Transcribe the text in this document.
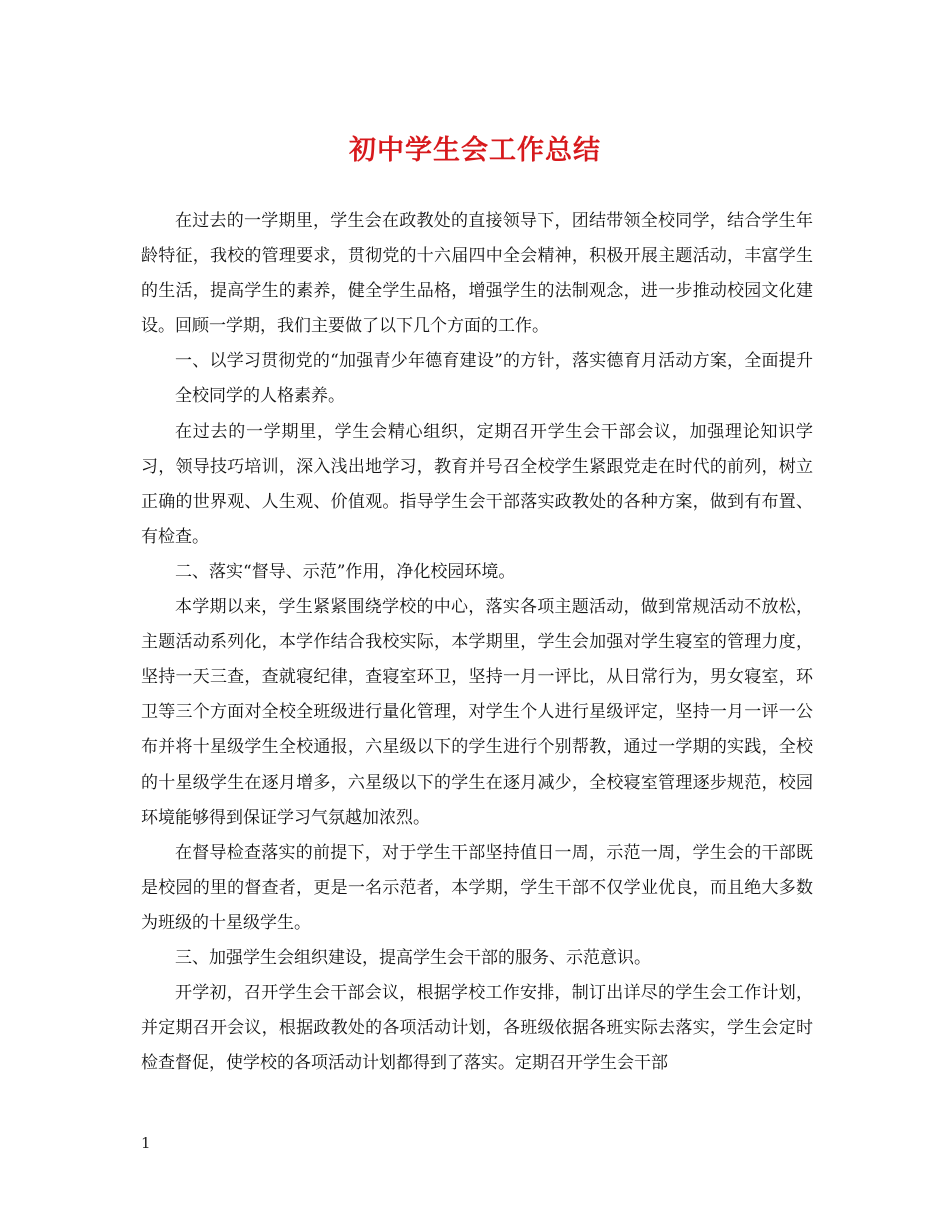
初中学生会工作总结

在过去的一学期里，学生会在政教处的直接领导下，团结带领全校同学，结合学生年龄特征，我校的管理要求，贯彻党的十六届四中全会精神，积极开展主题活动，丰富学生的生活，提高学生的素养，健全学生品格，增强学生的法制观念，进一步推动校园文化建设。回顾一学期，我们主要做了以下几个方面的工作。

一、以学习贯彻党的“加强青少年德育建设”的方针，落实德育月活动方案，全面提升全校同学的人格素养。

在过去的一学期里，学生会精心组织，定期召开学生会干部会议，加强理论知识学习，领导技巧培训，深入浅出地学习，教育并号召全校学生紧跟党走在时代的前列，树立正确的世界观、人生观、价值观。指导学生会干部落实政教处的各种方案，做到有布置、有检查。

二、落实“督导、示范”作用，净化校园环境。

本学期以来，学生紧紧围绕学校的中心，落实各项主题活动，做到常规活动不放松，主题活动系列化，本学作结合我校实际，本学期里，学生会加强对学生寝室的管理力度，坚持一天三查，查就寝纪律，查寝室环卫，坚持一月一评比，从日常行为，男女寝室，环卫等三个方面对全校全班级进行量化管理，对学生个人进行星级评定，坚持一月一评一公布并将十星级学生全校通报，六星级以下的学生进行个别帮教，通过一学期的实践，全校的十星级学生在逐月增多，六星级以下的学生在逐月减少，全校寝室管理逐步规范，校园环境能够得到保证学习气氛越加浓烈。

在督导检查落实的前提下，对于学生干部坚持值日一周，示范一周，学生会的干部既是校园的里的督查者，更是一名示范者，本学期，学生干部不仅学业优良，而且绝大多数为班级的十星级学生。

三、加强学生会组织建设，提高学生会干部的服务、示范意识。

开学初，召开学生会干部会议，根据学校工作安排，制订出详尽的学生会工作计划，并定期召开会议，根据政教处的各项活动计划，各班级依据各班实际去落实，学生会定时检查督促，使学校的各项活动计划都得到了落实。定期召开学生会干部

1
